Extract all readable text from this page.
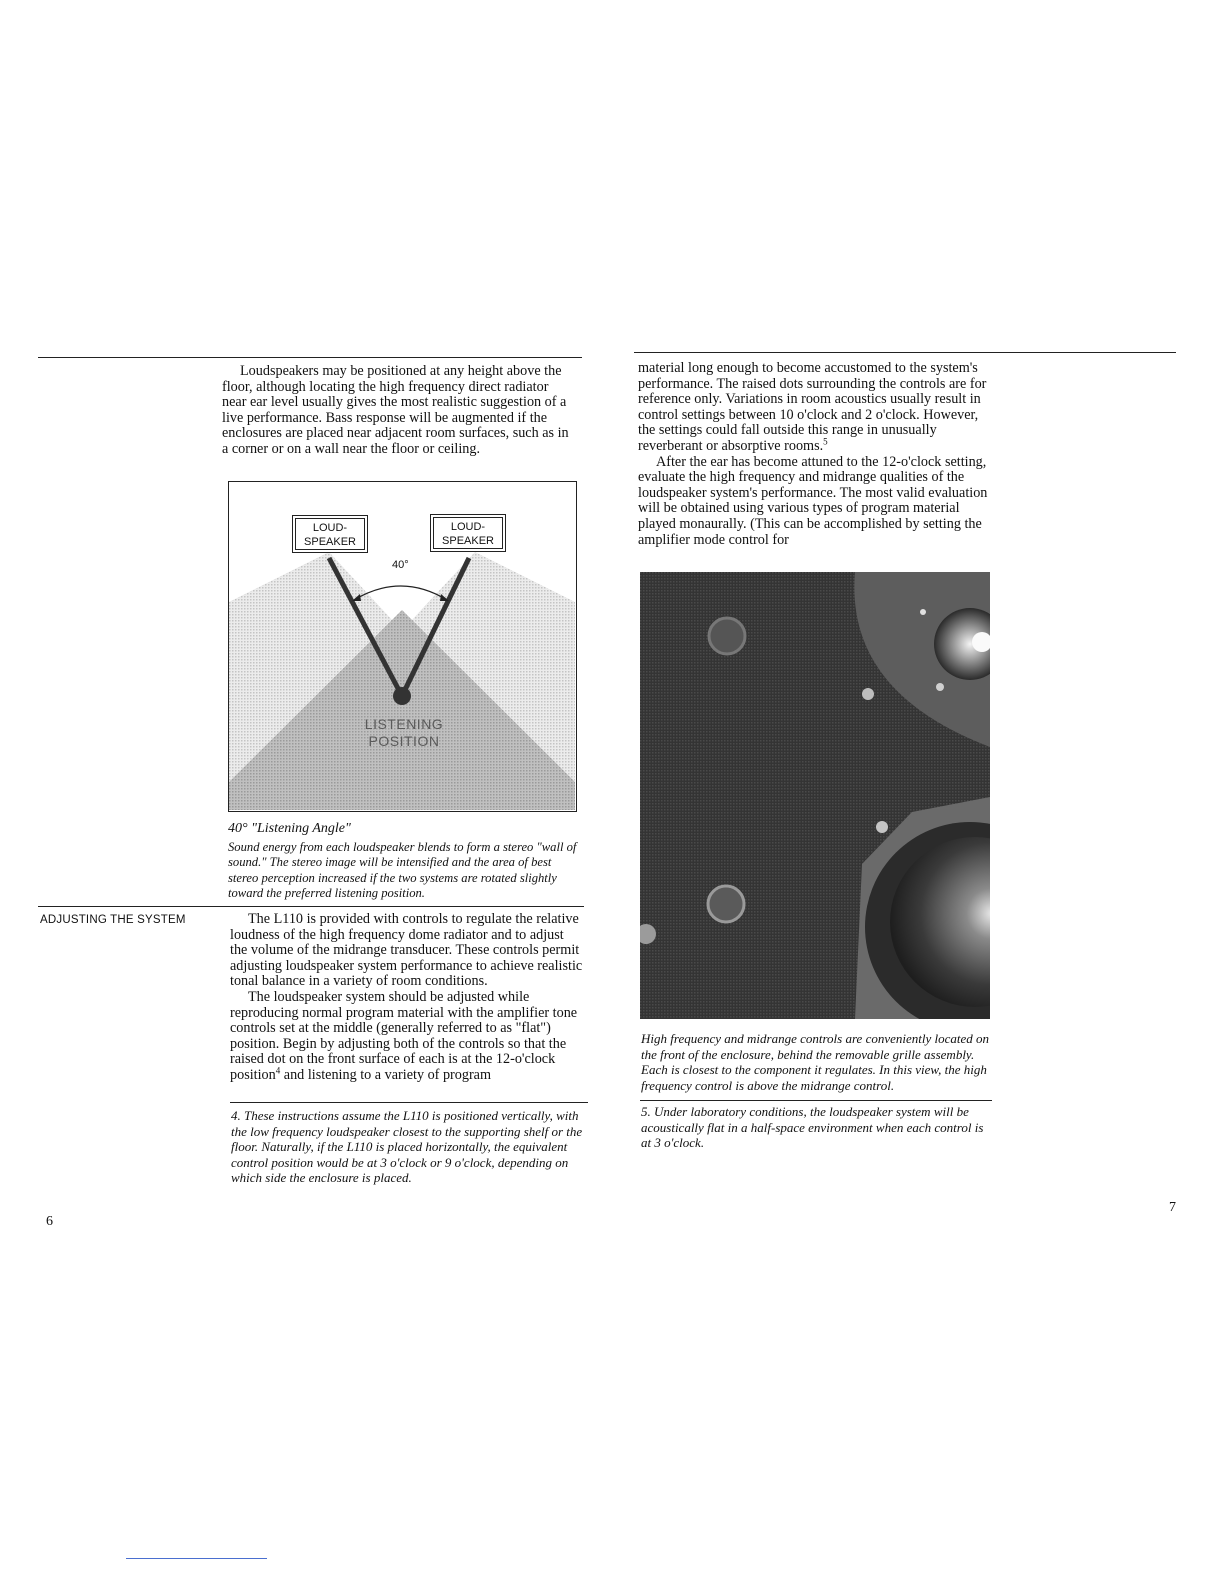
Loudspeakers may be positioned at any height above the floor, although locating the high frequency direct radiator near ear level usually gives the most realistic suggestion of a live performance. Bass response will be augmented if the enclosures are placed near adjacent room surfaces, such as in a corner or on a wall near the floor or ceiling.

LOUD-
SPEAKER
LOUD-
SPEAKER
40°
LISTENING
POSITION
40° "Listening Angle"
Sound energy from each loudspeaker blends to form a stereo "wall of sound." The stereo image will be intensified and the area of best stereo perception increased if the two systems are rotated slightly toward the preferred listening position.
ADJUSTING THE SYSTEM	The L110 is provided with controls to regulate the relative loudness of the high frequency dome radiator and to adjust the volume of the midrange transducer. These controls permit adjusting loudspeaker system performance to achieve realistic tonal balance in a variety of room conditions.

The loudspeaker system should be adjusted while reproducing normal program material with the amplifier tone controls set at the middle (generally referred to as "flat") position. Begin by adjusting both of the controls so that the raised dot on the front surface of each is at the 12-o'clock position$^4$ and listening to a variety of program

4. These instructions assume the L110 is positioned vertically, with the low frequency loudspeaker closest to the supporting shelf or the floor. Naturally, if the L110 is placed horizontally, the equivalent control position would be at 3 o'clock or 9 o'clock, depending on which side the enclosure is placed.
6

material long enough to become accustomed to the system's performance. The raised dots surrounding the controls are for reference only. Variations in room acoustics usually result in control settings between 10 o'clock and 2 o'clock. However, the settings could fall outside this range in unusually reverberant or absorptive rooms.$^5$

After the ear has become attuned to the 12-o'clock setting, evaluate the high frequency and midrange qualities of the loudspeaker system's performance. The most valid evaluation will be obtained using various types of program material played monaurally. (This can be accomplished by setting the amplifier mode control for

High frequency and midrange controls are conveniently located on the front of the enclosure, behind the removable grille assembly. Each is closest to the component it regulates. In this view, the high frequency control is above the midrange control.
5. Under laboratory conditions, the loudspeaker system will be acoustically flat in a half-space environment when each control is at 3 o'clock.
7
